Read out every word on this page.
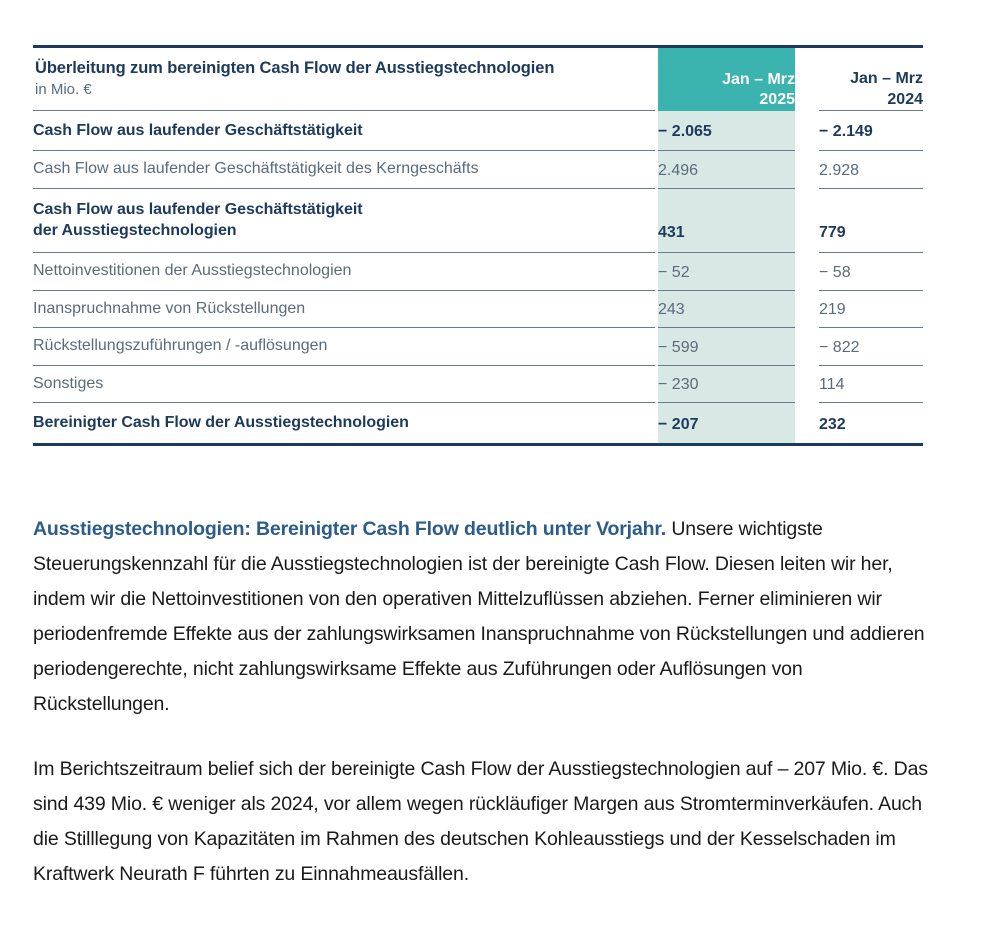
Überleitung zum bereinigten Cash Flow der Ausstiegstechnologien
in Mio. €

Jan – Mrz
2025

Jan – Mrz
2024

Cash Flow aus laufender Geschäftstätigkeit		− 2.065		− 2.149

Cash Flow aus laufender Geschäftstätigkeit des Kerngeschäfts		2.496		2.928

Cash Flow aus laufender Geschäftstätigkeit
der Ausstiegstechnologien		431		779

Nettoinvestitionen der Ausstiegstechnologien		− 52		− 58

Inanspruchnahme von Rückstellungen		243		219

Rückstellungszuführungen / -auflösungen		− 599		− 822

Sonstiges		− 230		114

Bereinigter Cash Flow der Ausstiegstechnologien		− 207		232

Ausstiegstechnologien: Bereinigter Cash Flow deutlich unter Vorjahr. Unsere wichtigste Steuerungskennzahl für die Ausstiegstechnologien ist der bereinigte Cash Flow. Diesen leiten wir her, indem wir die Nettoinvestitionen von den operativen Mittelzuflüssen abziehen. Ferner eliminieren wir periodenfremde Effekte aus der zahlungswirksamen Inanspruchnahme von Rückstellungen und addieren periodengerechte, nicht zahlungswirksame Effekte aus Zuführungen oder Auflösungen von Rückstellungen.

Im Berichtszeitraum belief sich der bereinigte Cash Flow der Ausstiegstechnologien auf – 207 Mio. €. Das sind 439 Mio. € weniger als 2024, vor allem wegen rückläufiger Margen aus Stromterminverkäufen. Auch die Stilllegung von Kapazitäten im Rahmen des deutschen Kohleausstiegs und der Kesselschaden im Kraftwerk Neurath F führten zu Einnahmeausfällen.
